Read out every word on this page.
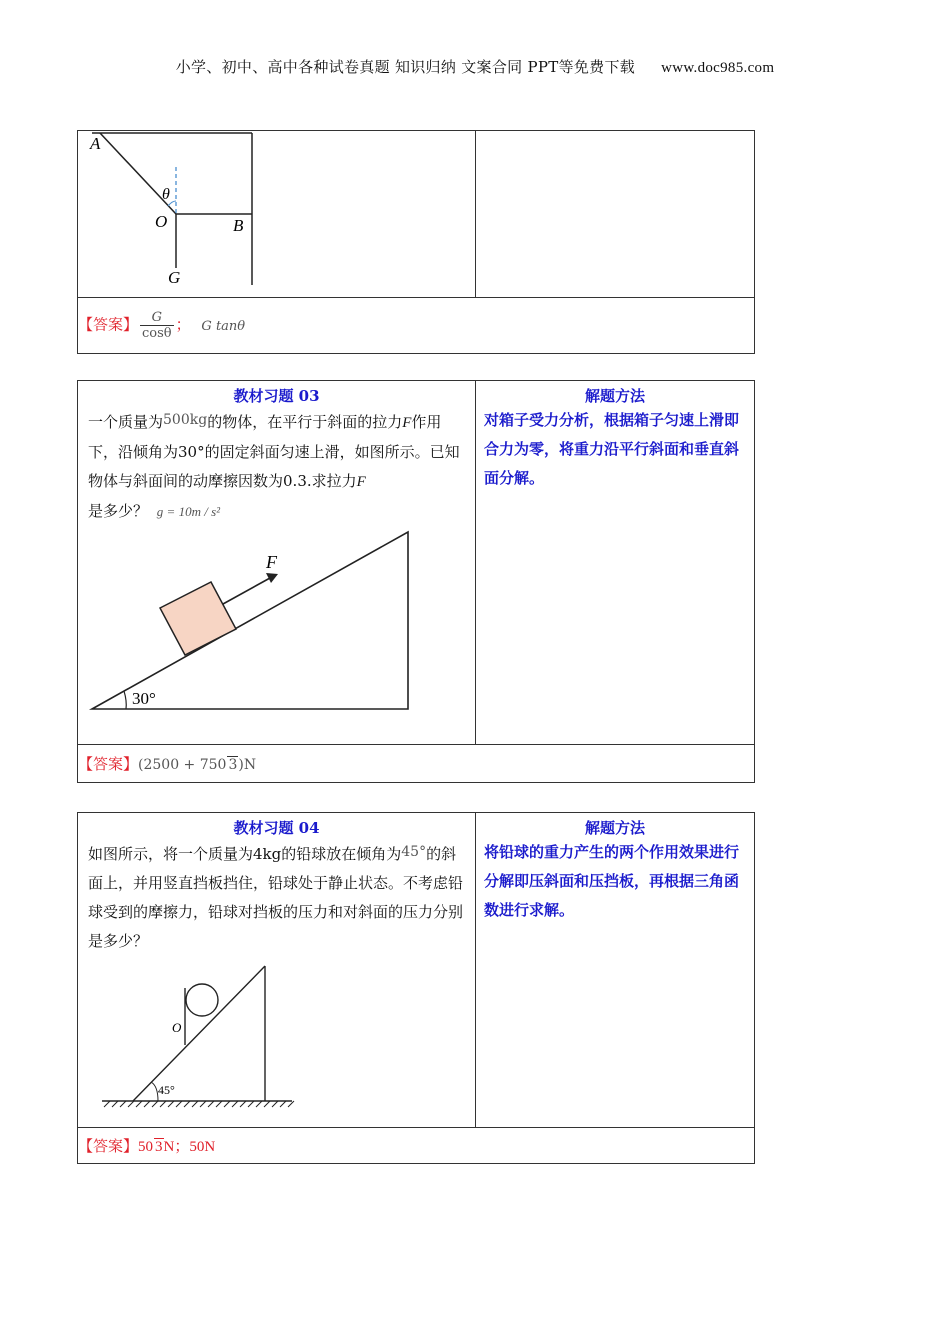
小学、初中、高中各种试卷真题 知识归纳 文案合同 PPT等免费下载 www.doc985.com
A
θ
O	B
G

【答案】 $\frac{G}{\cos\theta}$ ； G tanθ
教材习题 03
一个质量为500kg的物体，在平行于斜面的拉力F作用下，沿倾角为30°的固定斜面匀速上滑，如图所示。已知物体与斜面间的动摩擦因数为0.3.求拉力F
是多少？ g = 10m / s²
F
30°

解题方法
对箱子受力分析，根据箱子匀速上滑即合力为零，将重力沿平行斜面和垂直斜面分解。

【答案】(2500 + 750 3)N
教材习题 04
如图所示，将一个质量为4kg的铅球放在倾角为45°的斜面上，并用竖直挡板挡住，铅球处于静止状态。不考虑铅球受到的摩擦力，铅球对挡板的压力和对斜面的压力分别是多少？
45°
O

解题方法
将铅球的重力产生的两个作用效果进行分解即压斜面和压挡板，再根据三角函数进行求解。

【答案】50 3N；50N
